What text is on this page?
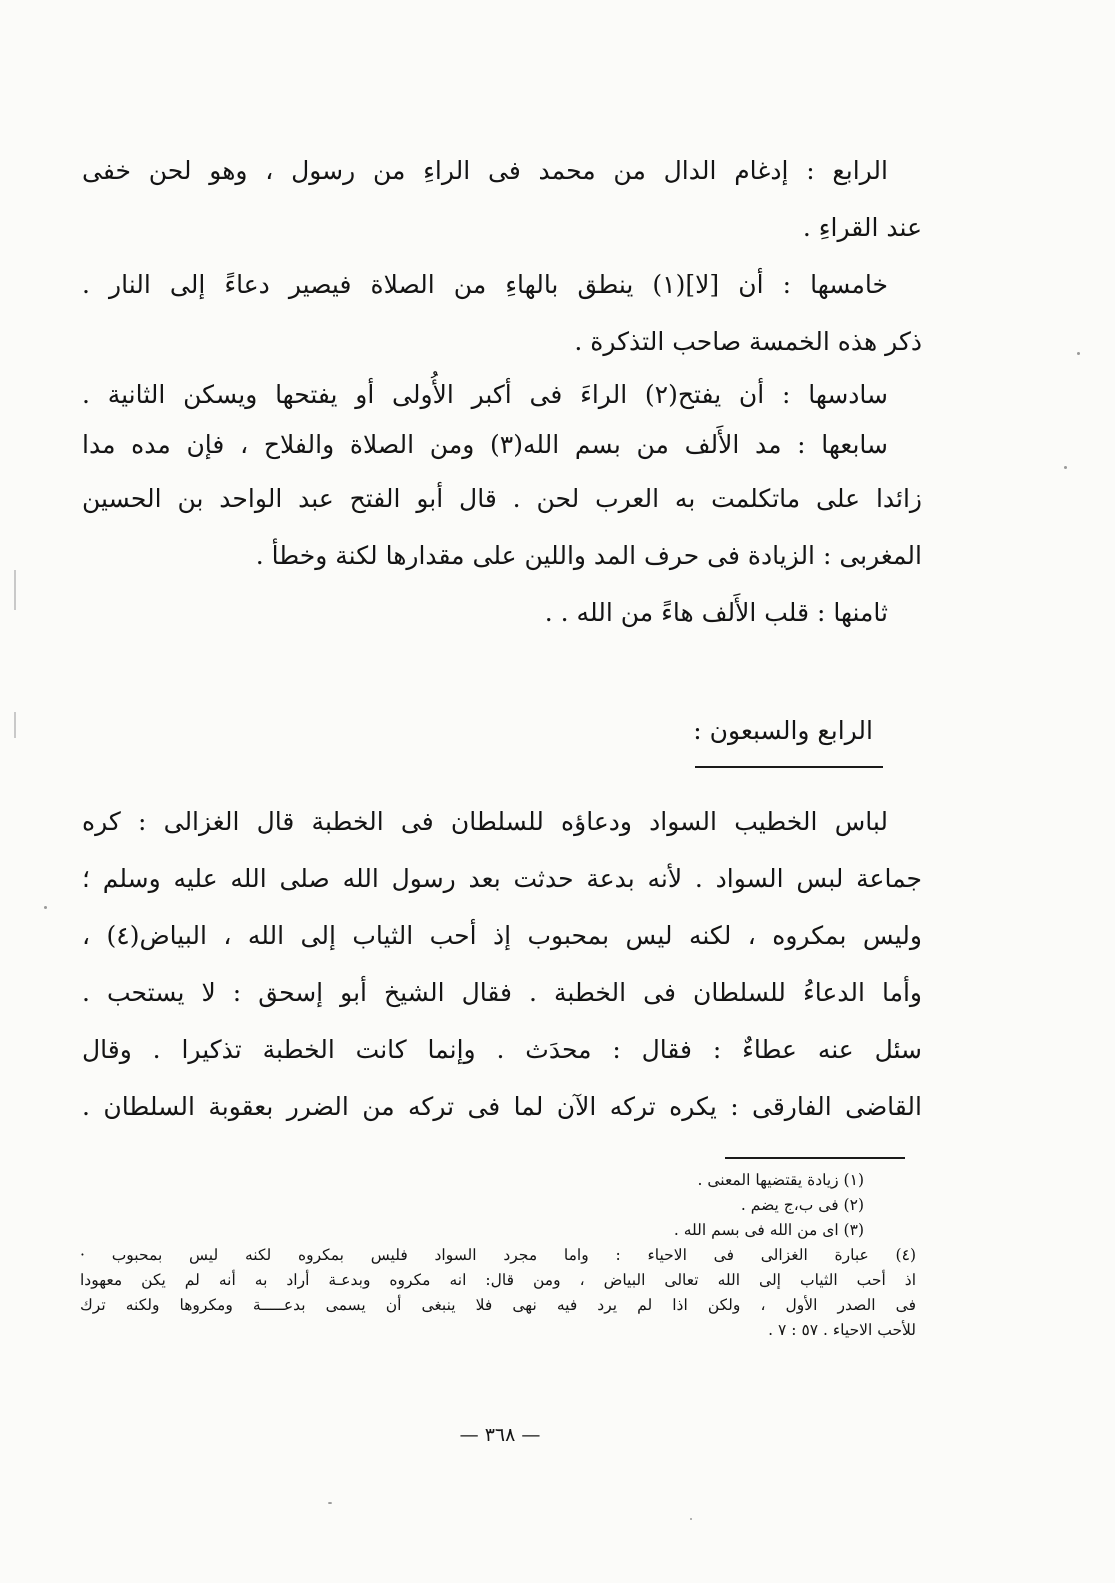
الرابع : إدغام الدال من محمد فى الراءِ من رسول ، وهو لحن خفى
عند القراءِ .
خامسها : أن [لا](١) ينطق بالهاءِ من الصلاة فيصير دعاءً إلى النار .
ذكر هذه الخمسة صاحب التذكرة .
سادسها : أن يفتح(٢) الراءَ فى أكبر الأُولى أو يفتحها ويسكن الثانية .
سابعها : مد الأَلف من بسم الله(٣) ومن الصلاة والفلاح ، فإن مده مدا
زائدا على ماتكلمت به العرب لحن . قال أبو الفتح عبد الواحد بن الحسين
المغربى : الزيادة فى حرف المد واللين على مقدارها لكنة وخطأ .
ثامنها : قلب الأَلف هاءً من الله . .
الرابع والسبعون :
لباس الخطيب السواد ودعاؤه للسلطان فى الخطبة قال الغزالى : كره
جماعة لبس السواد . لأنه بدعة حدثت بعد رسول الله صلى الله عليه وسلم ؛
وليس بمكروه ، لكنه ليس بمحبوب إذ أحب الثياب إلى الله ، البياض(٤) ،
وأما الدعاءُ للسلطان فى الخطبة . فقال الشيخ أبو إسحق : لا يستحب .
سئل عنه عطاءٌ : فقال : محدَث . وإنما كانت الخطبة تذكيرا . وقال
القاضى الفارقى : يكره تركه الآن لما فى تركه من الضرر بعقوبة السلطان .
(١) زيادة يقتضيها المعنى .
(٢) فى ب،ج يضم .
(٣) اى من الله فى بسم الله .
(٤) عبارة الغزالى فى الاحياء : واما مجرد السواد فليس بمكروه لكنه ليس بمحبوب ·
اذ أحب الثياب إلى الله تعالى البياض ، ومن قال: انه مكروه وبدعـة أراد به أنه لم يكن معهودا
فى الصدر الأول ، ولكن اذا لم يرد فيه نهى فلا ينبغى أن يسمى بدعـــــة ومكروها ولكنه ترك
للأحب الاحياء . ٥٧ : ٧ .
— ٣٦٨ —
